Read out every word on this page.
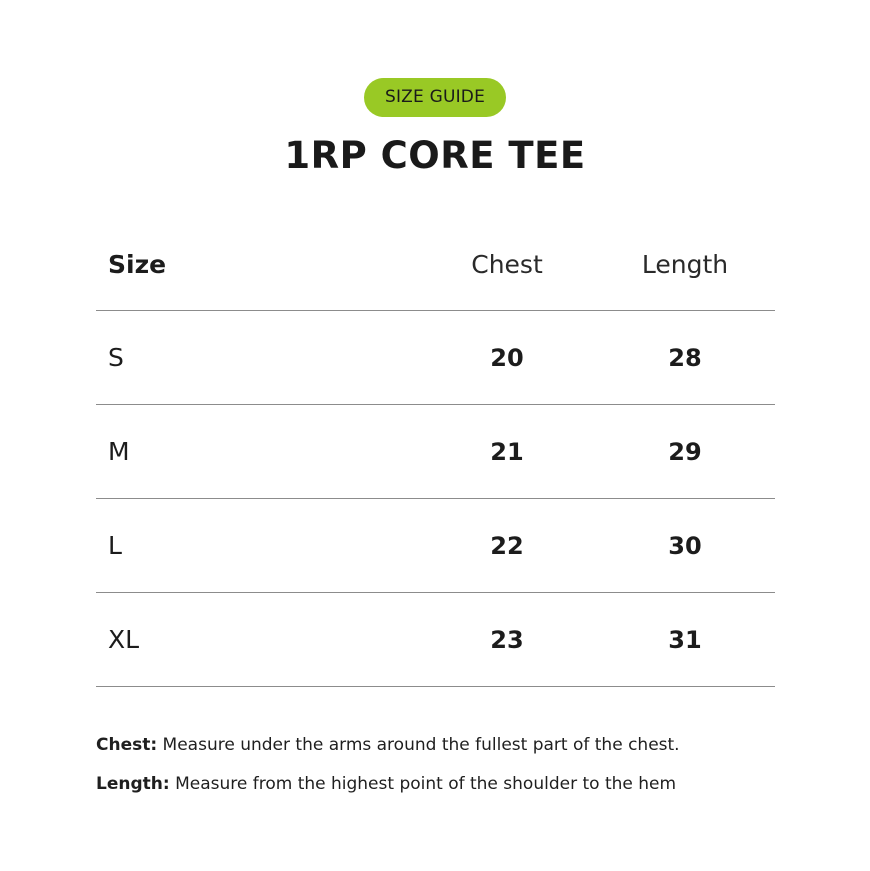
SIZE GUIDE
1RP CORE TEE
Size	Chest	Length
S	20	28
M	21	29
L	22	30
XL	23	31
Chest: Measure under the arms around the fullest part of the chest.
Length: Measure from the highest point of the shoulder to the hem
